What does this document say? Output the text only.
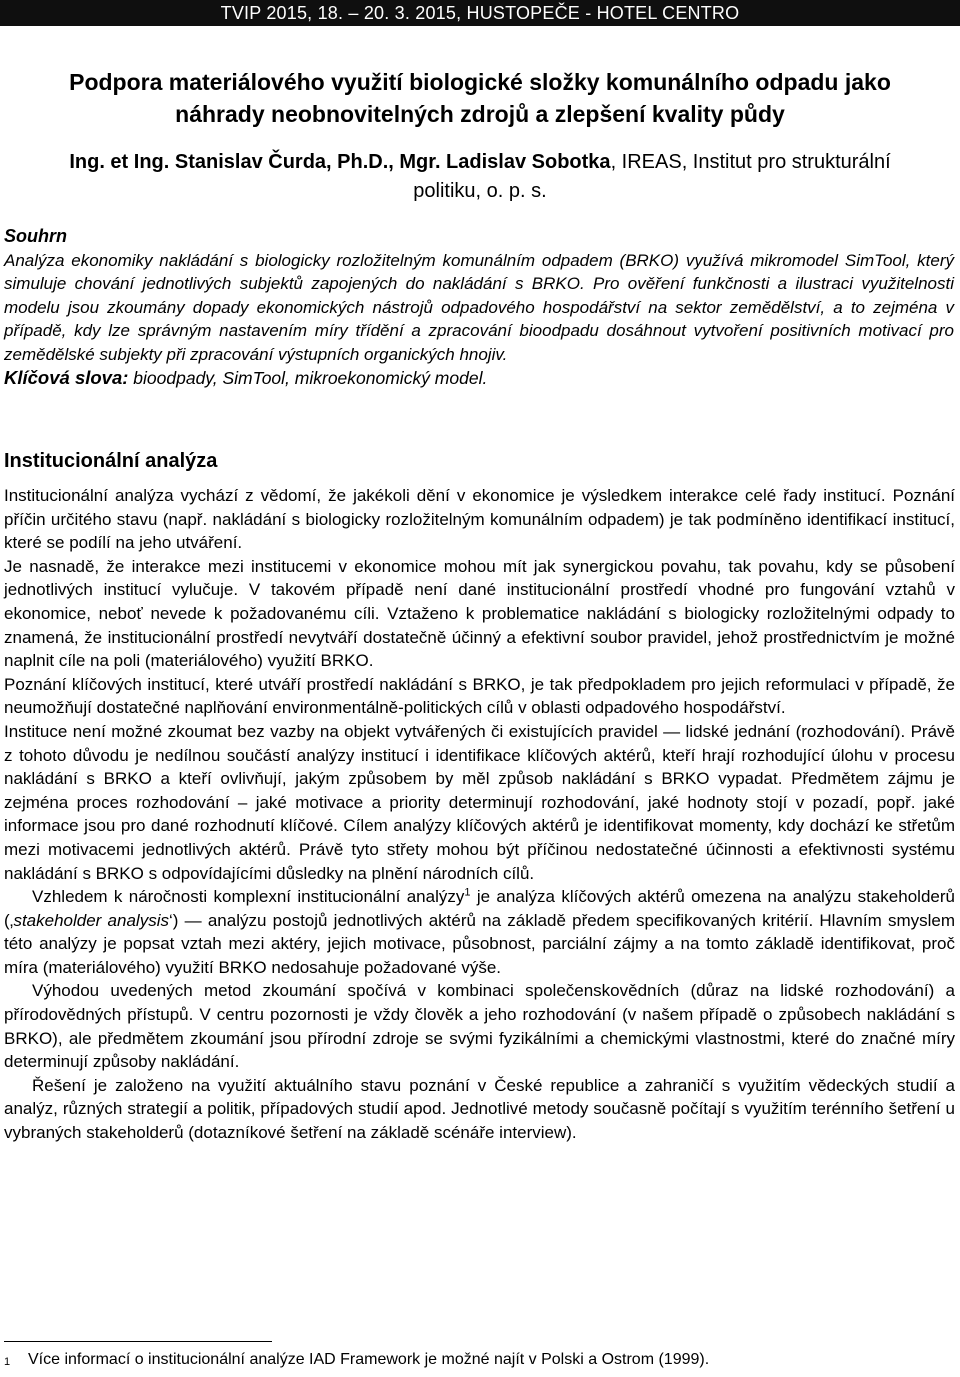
TVIP 2015, 18. – 20. 3. 2015, HUSTOPEČE - HOTEL CENTRO
Podpora materiálového využití biologické složky komunálního odpadu jako
náhrady neobnovitelných zdrojů a zlepšení kvality půdy

Ing. et Ing. Stanislav Čurda, Ph.D., Mgr. Ladislav Sobotka, IREAS, Institut pro strukturální
politiku, o. p. s.

Souhrn

Analýza ekonomiky nakládání s biologicky rozložitelným komunálním odpadem (BRKO) využívá mikromodel SimTool, který simuluje chování jednotlivých subjektů zapojených do nakládání s BRKO. Pro ověření funkčnosti a ilustraci využitelnosti modelu jsou zkoumány dopady ekonomických nástrojů odpadového hospodářství na sektor zemědělství, a to zejména v případě, kdy lze správným nastavením míry třídění a zpracování bioodpadu dosáhnout vytvoření positivních motivací pro zemědělské subjekty při zpracování výstupních organických hnojiv.

Klíčová slova: bioodpady, SimTool, mikroekonomický model.

Institucionální analýza

Institucionální analýza vychází z vědomí, že jakékoli dění v ekonomice je výsledkem interakce celé řady institucí. Poznání příčin určitého stavu (např. nakládání s biologicky rozložitelným komunálním odpadem) je tak podmíněno identifikací institucí, které se podílí na jeho utváření.

Je nasnadě, že interakce mezi institucemi v ekonomice mohou mít jak synergickou povahu, tak povahu, kdy se působení jednotlivých institucí vylučuje. V takovém případě není dané institucionální prostředí vhodné pro fungování vztahů v ekonomice, neboť nevede k požadovanému cíli. Vztaženo k problematice nakládání s biologicky rozložitelnými odpady to znamená, že institucionální prostředí nevytváří dostatečně účinný a efektivní soubor pravidel, jehož prostřednictvím je možné naplnit cíle na poli (materiálového) využití BRKO.

Poznání klíčových institucí, které utváří prostředí nakládání s BRKO, je tak předpokladem pro jejich reformulaci v případě, že neumožňují dostatečné naplňování environmentálně-politických cílů v oblasti odpadového hospodářství.

Instituce není možné zkoumat bez vazby na objekt vytvářených či existujících pravidel — lidské jednání (rozhodování). Právě z tohoto důvodu je nedílnou součástí analýzy institucí i identifikace klíčových aktérů, kteří hrají rozhodující úlohu v procesu nakládání s BRKO a kteří ovlivňují, jakým způsobem by měl způsob nakládání s BRKO vypadat. Předmětem zájmu je zejména proces rozhodování – jaké motivace a priority determinují rozhodování, jaké hodnoty stojí v pozadí, popř. jaké informace jsou pro dané rozhodnutí klíčové. Cílem analýzy klíčových aktérů je identifikovat momenty, kdy dochází ke střetům mezi motivacemi jednotlivých aktérů. Právě tyto střety mohou být příčinou nedostatečné účinnosti a efektivnosti systému nakládání s BRKO s odpovídajícími důsledky na plnění národních cílů.

Vzhledem k náročnosti komplexní institucionální analýzy$^1$ je analýza klíčových aktérů omezena na analýzu stakeholderů (‚stakeholder analysis‘) — analýzu postojů jednotlivých aktérů na základě předem specifikovaných kritérií. Hlavním smyslem této analýzy je popsat vztah mezi aktéry, jejich motivace, působnost, parciální zájmy a na tomto základě identifikovat, proč míra (materiálového) využití BRKO nedosahuje požadované výše.

Výhodou uvedených metod zkoumání spočívá v kombinaci společenskovědních (důraz na lidské rozhodování) a přírodovědných přístupů. V centru pozornosti je vždy člověk a jeho rozhodování (v našem případě o způsobech nakládání s BRKO), ale předmětem zkoumání jsou přírodní zdroje se svými fyzikálními a chemickými vlastnostmi, které do značné míry determinují způsoby nakládání.

Řešení je založeno na využití aktuálního stavu poznání v České republice a zahraničí s využitím vědeckých studií a analýz, různých strategií a politik, případových studií apod. Jednotlivé metody současně počítají s využitím terénního šetření u vybraných stakeholderů (dotazníkové šetření na základě scénáře interview).

1 Více informací o institucionální analýze IAD Framework je možné najít v Polski a Ostrom (1999).
